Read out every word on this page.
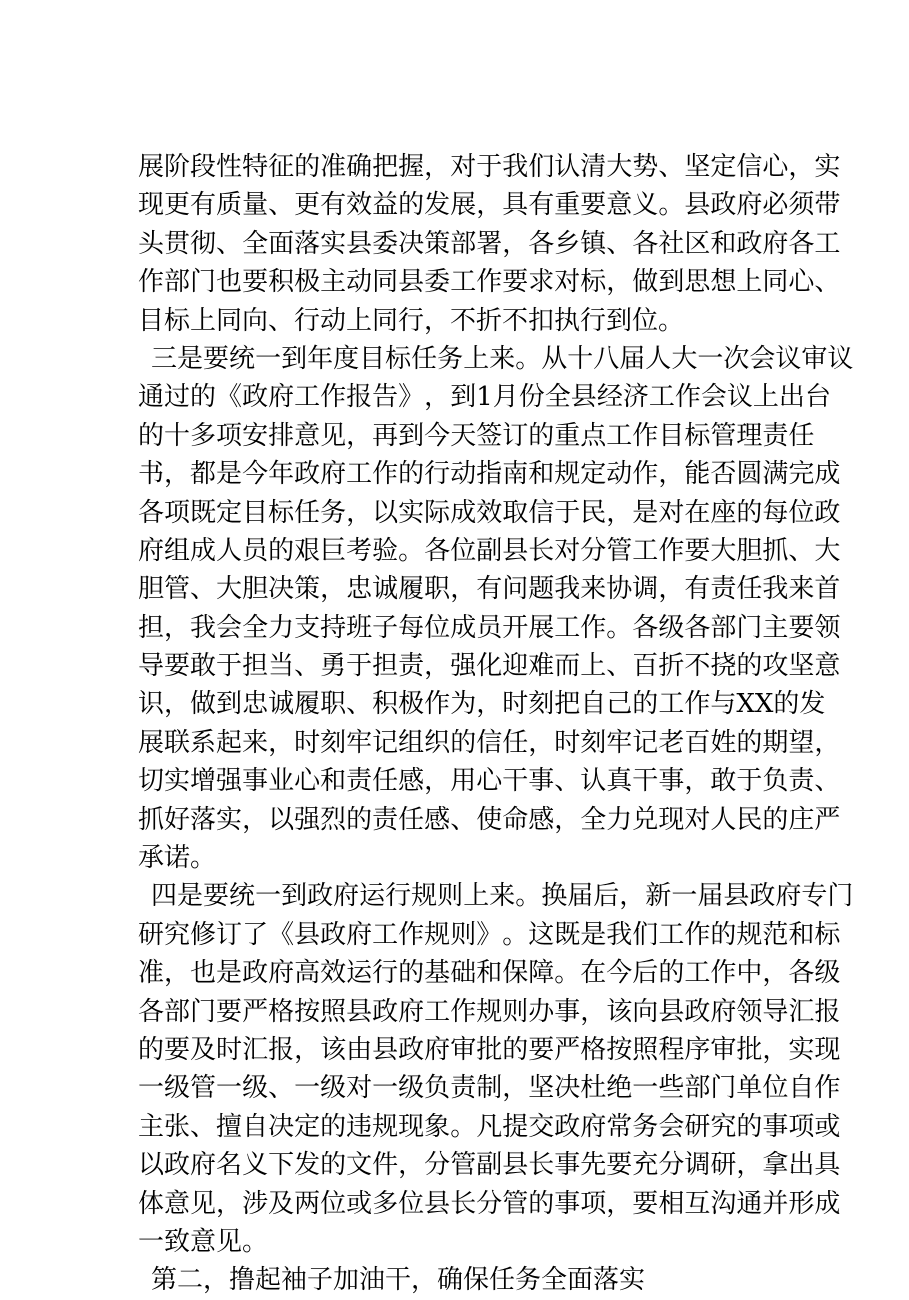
展 阶 段 性 特 征 的 准 确 把 握 ， 对 于 我 们 认 清 大 势 、 坚 定 信 心 ， 实
现 更 有 质 量 、 更 有 效 益 的 发 展 ， 具 有 重 要 意 义 。 县 政 府 必 须 带
头 贯 彻 、 全 面 落 实 县 委 决 策 部 署 ， 各 乡 镇 、 各 社 区 和 政 府 各 工
作 部 门 也 要 积 极 主 动 同 县 委 工 作 要 求 对 标 ， 做 到 思 想 上 同 心 、
目标上同向、行动上同行，不折不扣执行到位。
三 是 要 统 一 到 年 度 目 标 任 务 上 来 。 从 十 八 届 人 大 一 次 会 议 审 议
通 过 的 《 政 府 工 作 报 告 》 ， 到 1 月 份 全 县 经 济 工 作 会 议 上 出 台
的 十 多 项 安 排 意 见 ， 再 到 今 天 签 订 的 重 点 工 作 目 标 管 理 责 任
书 ， 都 是 今 年 政 府 工 作 的 行 动 指 南 和 规 定 动 作 ， 能 否 圆 满 完 成
各 项 既 定 目 标 任 务 ， 以 实 际 成 效 取 信 于 民 ， 是 对 在 座 的 每 位 政
府 组 成 人 员 的 艰 巨 考 验 。 各 位 副 县 长 对 分 管 工 作 要 大 胆 抓 、 大
胆 管 、 大 胆 决 策 ， 忠 诚 履 职 ， 有 问 题 我 来 协 调 ， 有 责 任 我 来 首
担 ， 我 会 全 力 支 持 班 子 每 位 成 员 开 展 工 作 。 各 级 各 部 门 主 要 领
导 要 敢 于 担 当 、 勇 于 担 责 ， 强 化 迎 难 而 上 、 百 折 不 挠 的 攻 坚 意
识 ， 做 到 忠 诚 履 职 、 积 极 作 为 ， 时 刻 把 自 己 的 工 作 与 XX 的 发
展 联 系 起 来 ， 时 刻 牢 记 组 织 的 信 任 ， 时 刻 牢 记 老 百 姓 的 期 望 ，
切 实 增 强 事 业 心 和 责 任 感 ， 用 心 干 事 、 认 真 干 事 ， 敢 于 负 责 、
抓 好 落 实 ， 以 强 烈 的 责 任 感 、 使 命 感 ， 全 力 兑 现 对 人 民 的 庄 严
承诺。
四 是 要 统 一 到 政 府 运 行 规 则 上 来 。 换 届 后 ， 新 一 届 县 政 府 专 门
研 究 修 订 了 《 县 政 府 工 作 规 则 》 。 这 既 是 我 们 工 作 的 规 范 和 标
准 ， 也 是 政 府 高 效 运 行 的 基 础 和 保 障 。 在 今 后 的 工 作 中 ， 各 级
各 部 门 要 严 格 按 照 县 政 府 工 作 规 则 办 事 ， 该 向 县 政 府 领 导 汇 报
的 要 及 时 汇 报 ， 该 由 县 政 府 审 批 的 要 严 格 按 照 程 序 审 批 ， 实 现
一 级 管 一 级 、 一 级 对 一 级 负 责 制 ， 坚 决 杜 绝 一 些 部 门 单 位 自 作
主 张 、 擅 自 决 定 的 违 规 现 象 。 凡 提 交 政 府 常 务 会 研 究 的 事 项 或
以 政 府 名 义 下 发 的 文 件 ， 分 管 副 县 长 事 先 要 充 分 调 研 ， 拿 出 具
体 意 见 ， 涉 及 两 位 或 多 位 县 长 分 管 的 事 项 ， 要 相 互 沟 通 并 形 成
一致意见。
第二，撸起袖子加油干，确保任务全面落实
